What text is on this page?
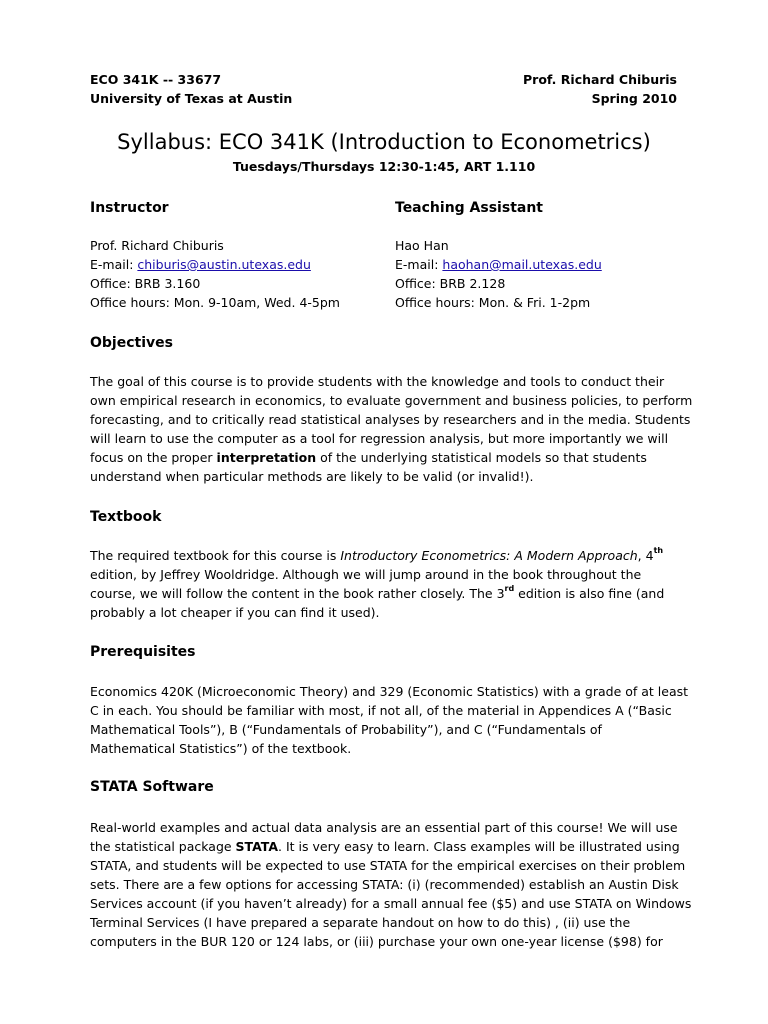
ECO 341K -- 33677
University of Texas at Austin
Prof. Richard Chiburis
Spring 2010
Syllabus: ECO 341K (Introduction to Econometrics)
Tuesdays/Thursdays 12:30-1:45, ART 1.110
Instructor
Prof. Richard Chiburis
E-mail: chiburis@austin.utexas.edu
Office: BRB 3.160
Office hours: Mon. 9-10am, Wed. 4-5pm
Teaching Assistant
Hao Han
E-mail: haohan@mail.utexas.edu
Office: BRB 2.128
Office hours: Mon. & Fri. 1-2pm
Objectives
The goal of this course is to provide students with the knowledge and tools to conduct their
own empirical research in economics, to evaluate government and business policies, to perform
forecasting, and to critically read statistical analyses by researchers and in the media. Students
will learn to use the computer as a tool for regression analysis, but more importantly we will
focus on the proper interpretation of the underlying statistical models so that students
understand when particular methods are likely to be valid (or invalid!).
Textbook
The required textbook for this course is Introductory Econometrics: A Modern Approach, 4th
edition, by Jeffrey Wooldridge. Although we will jump around in the book throughout the
course, we will follow the content in the book rather closely. The 3rd edition is also fine (and
probably a lot cheaper if you can find it used).
Prerequisites
Economics 420K (Microeconomic Theory) and 329 (Economic Statistics) with a grade of at least
C in each. You should be familiar with most, if not all, of the material in Appendices A (“Basic
Mathematical Tools”), B (“Fundamentals of Probability”), and C (“Fundamentals of
Mathematical Statistics”) of the textbook.
STATA Software
Real-world examples and actual data analysis are an essential part of this course! We will use
the statistical package STATA. It is very easy to learn. Class examples will be illustrated using
STATA, and students will be expected to use STATA for the empirical exercises on their problem
sets. There are a few options for accessing STATA: (i) (recommended) establish an Austin Disk
Services account (if you haven’t already) for a small annual fee ($5) and use STATA on Windows
Terminal Services (I have prepared a separate handout on how to do this) , (ii) use the
computers in the BUR 120 or 124 labs, or (iii) purchase your own one-year license ($98) for
